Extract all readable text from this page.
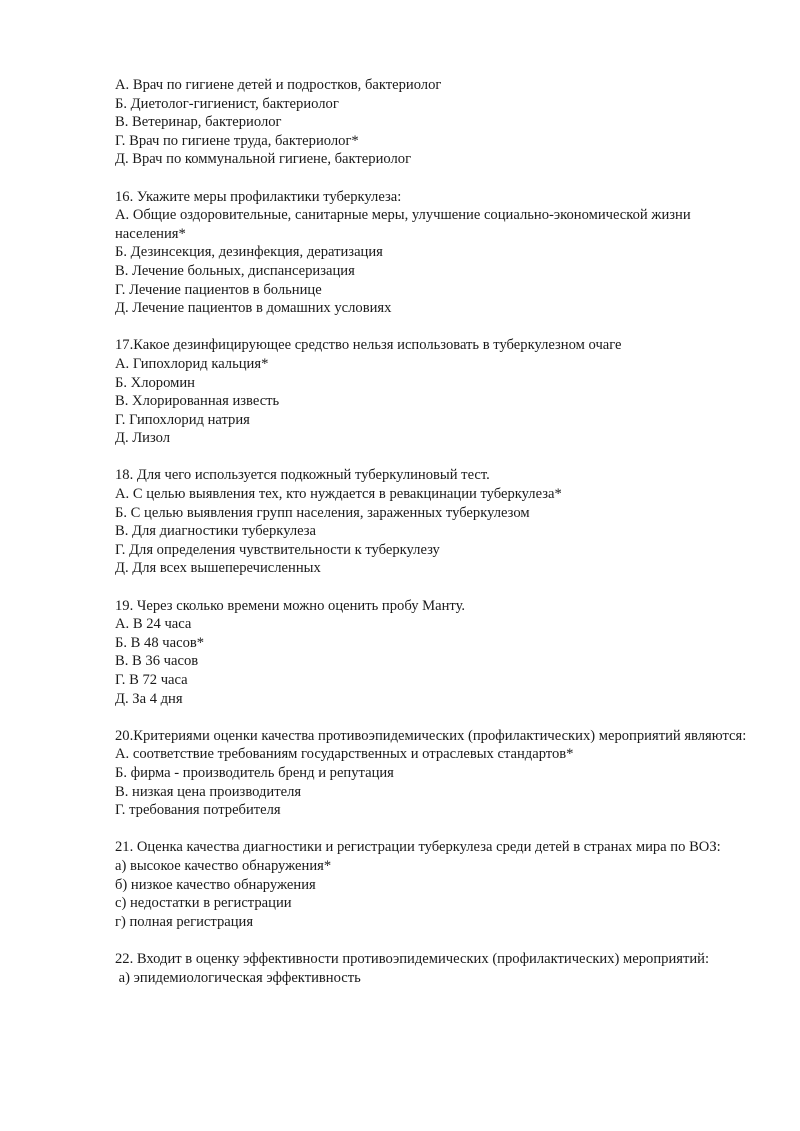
А. Врач по гигиене детей и подростков, бактериолог
Б. Диетолог-гигиенист, бактериолог
В. Ветеринар, бактериолог
Г. Врач по гигиене труда, бактериолог*
Д. Врач по коммунальной гигиене, бактериолог
16. Укажите меры профилактики туберкулеза:
А. Общие оздоровительные, санитарные меры, улучшение социально-экономической жизни населения*
Б. Дезинсекция, дезинфекция, дератизация
В. Лечение больных, диспансеризация
Г. Лечение пациентов в больнице
Д. Лечение пациентов в домашних условиях
17.Какое дезинфицирующее средство нельзя использовать в туберкулезном очаге
А. Гипохлорид кальция*
Б. Хлоромин
В. Хлорированная известь
Г. Гипохлорид натрия
Д. Лизол
18. Для чего используется подкожный туберкулиновый тест.
А. С целью выявления тех, кто нуждается в ревакцинации туберкулеза*
Б. С целью выявления групп населения, зараженных туберкулезом
В. Для диагностики туберкулеза
Г. Для определения чувствительности к туберкулезу
Д. Для всех вышеперечисленных
19. Через сколько времени можно оценить пробу Манту.
А. В 24 часа
Б. В 48 часов*
В. В 36 часов
Г. В 72 часа
Д. За 4 дня
20.Критериями оценки качества противоэпидемических (профилактических) мероприятий являются:
А. соответствие требованиям государственных и отраслевых стандартов*
Б. фирма - производитель бренд и репутация
В. низкая цена производителя
Г. требования потребителя
21. Оценка качества диагностики и регистрации туберкулеза среди детей в странах мира по ВОЗ:
а) высокое качество обнаружения*
б) низкое качество обнаружения
с) недостатки в регистрации
г) полная регистрация
22. Входит в оценку эффективности противоэпидемических (профилактических) мероприятий:
а) эпидемиологическая эффективность
